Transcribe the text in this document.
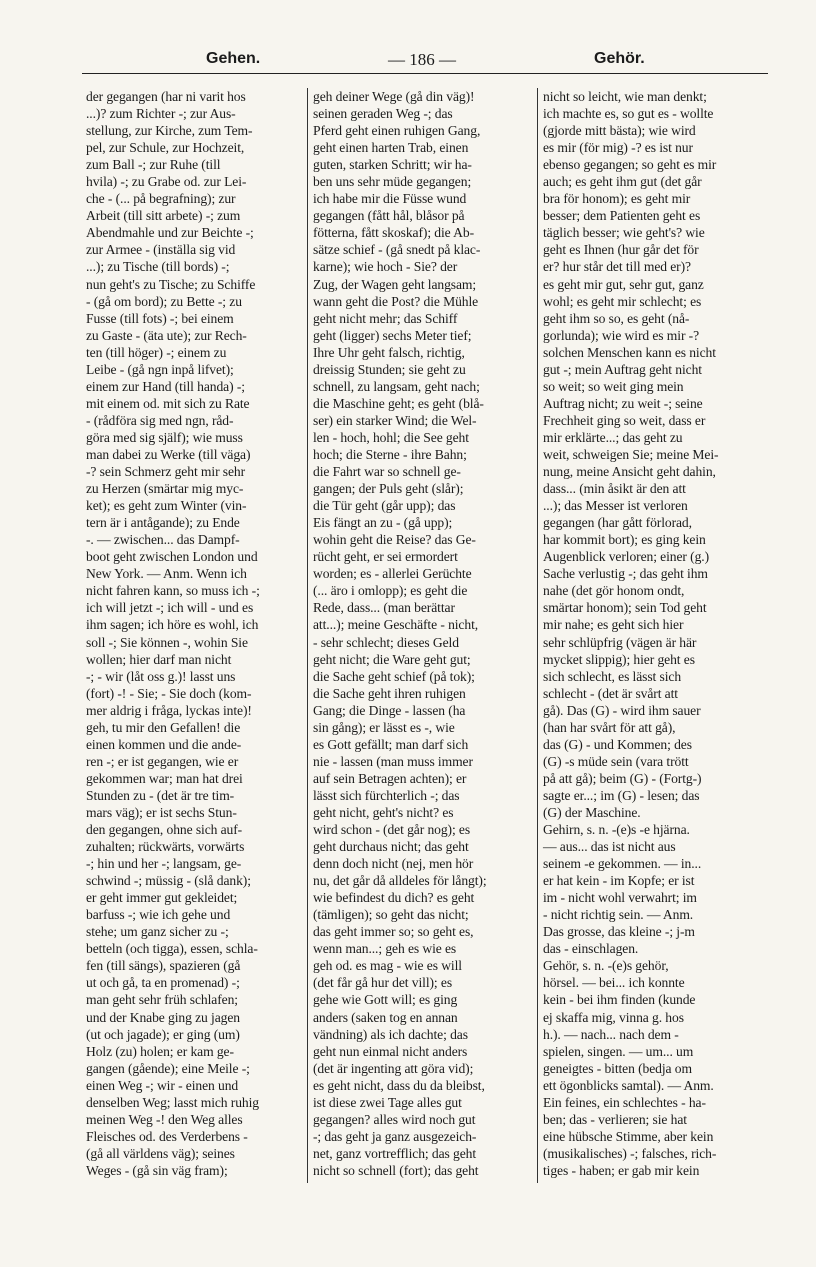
Gehen.	— 186 —	Gehör.
der gegangen (har ni varit hos
...)? zum Richter -; zur Aus-
stellung, zur Kirche, zum Tem-
pel, zur Schule, zur Hochzeit,
zum Ball -; zur Ruhe (till
hvila) -; zu Grabe od. zur Lei-
che - (... på begrafning); zur
Arbeit (till sitt arbete) -; zum
Abendmahle und zur Beichte -;
zur Armee - (inställa sig vid
...); zu Tische (till bords) -;
nun geht's zu Tische; zu Schiffe
- (gå om bord); zu Bette -; zu
Fusse (till fots) -; bei einem
zu Gaste - (äta ute); zur Rech-
ten (till höger) -; einem zu
Leibe - (gå ngn inpå lifvet);
einem zur Hand (till handa) -;
mit einem od. mit sich zu Rate
- (rådföra sig med ngn, råd-
göra med sig själf); wie muss
man dabei zu Werke (till väga)
-? sein Schmerz geht mir sehr
zu Herzen (smärtar mig myc-
ket); es geht zum Winter (vin-
tern är i antågande); zu Ende
-. — zwischen... das Dampf-
boot geht zwischen London und
New York. — Anm. Wenn ich
nicht fahren kann, so muss ich -;
ich will jetzt -; ich will - und es
ihm sagen; ich höre es wohl, ich
soll -; Sie können -, wohin Sie
wollen; hier darf man nicht
-; - wir (låt oss g.)! lasst uns
(fort) -! - Sie; - Sie doch (kom-
mer aldrig i fråga, lyckas inte)!
geh, tu mir den Gefallen! die
einen kommen und die ande-
ren -; er ist gegangen, wie er
gekommen war; man hat drei
Stunden zu - (det är tre tim-
mars väg); er ist sechs Stun-
den gegangen, ohne sich auf-
zuhalten; rückwärts, vorwärts
-; hin und her -; langsam, ge-
schwind -; müssig - (slå dank);
er geht immer gut gekleidet;
barfuss -; wie ich gehe und
stehe; um ganz sicher zu -;
betteln (och tigga), essen, schla-
fen (till sängs), spazieren (gå
ut och gå, ta en promenad) -;
man geht sehr früh schlafen;
und der Knabe ging zu jagen
(ut och jagade); er ging (um)
Holz (zu) holen; er kam ge-
gangen (gående); eine Meile -;
einen Weg -; wir - einen und
denselben Weg; lasst mich ruhig
meinen Weg -! den Weg alles
Fleisches od. des Verderbens -
(gå all världens väg); seines
Weges - (gå sin väg fram);
geh deiner Wege (gå din väg)!
seinen geraden Weg -; das
Pferd geht einen ruhigen Gang,
geht einen harten Trab, einen
guten, starken Schritt; wir ha-
ben uns sehr müde gegangen;
ich habe mir die Füsse wund
gegangen (fått hål, blåsor på
fötterna, fått skoskaf); die Ab-
sätze schief - (gå snedt på klac-
karne); wie hoch - Sie? der
Zug, der Wagen geht langsam;
wann geht die Post? die Mühle
geht nicht mehr; das Schiff
geht (ligger) sechs Meter tief;
Ihre Uhr geht falsch, richtig,
dreissig Stunden; sie geht zu
schnell, zu langsam, geht nach;
die Maschine geht; es geht (blå-
ser) ein starker Wind; die Wel-
len - hoch, hohl; die See geht
hoch; die Sterne - ihre Bahn;
die Fahrt war so schnell ge-
gangen; der Puls geht (slår);
die Tür geht (går upp); das
Eis fängt an zu - (gå upp);
wohin geht die Reise? das Ge-
rücht geht, er sei ermordert
worden; es - allerlei Gerüchte
(... äro i omlopp); es geht die
Rede, dass... (man berättar
att...); meine Geschäfte - nicht,
- sehr schlecht; dieses Geld
geht nicht; die Ware geht gut;
die Sache geht schief (på tok);
die Sache geht ihren ruhigen
Gang; die Dinge - lassen (ha
sin gång); er lässt es -, wie
es Gott gefällt; man darf sich
nie - lassen (man muss immer
auf sein Betragen achten); er
lässt sich fürchterlich -; das
geht nicht, geht's nicht? es
wird schon - (det går nog); es
geht durchaus nicht; das geht
denn doch nicht (nej, men hör
nu, det går då alldeles för långt);
wie befindest du dich? es geht
(tämligen); so geht das nicht;
das geht immer so; so geht es,
wenn man...; geh es wie es
geh od. es mag - wie es will
(det får gå hur det vill); es
gehe wie Gott will; es ging
anders (saken tog en annan
vändning) als ich dachte; das
geht nun einmal nicht anders
(det är ingenting att göra vid);
es geht nicht, dass du da bleibst,
ist diese zwei Tage alles gut
gegangen? alles wird noch gut
-; das geht ja ganz ausgezeich-
net, ganz vortrefflich; das geht
nicht so schnell (fort); das geht
nicht so leicht, wie man denkt;
ich machte es, so gut es - wollte
(gjorde mitt bästa); wie wird
es mir (för mig) -? es ist nur
ebenso gegangen; so geht es mir
auch; es geht ihm gut (det går
bra för honom); es geht mir
besser; dem Patienten geht es
täglich besser; wie geht's? wie
geht es Ihnen (hur går det för
er? hur står det till med er)?
es geht mir gut, sehr gut, ganz
wohl; es geht mir schlecht; es
geht ihm so so, es geht (nå-
gorlunda); wie wird es mir -?
solchen Menschen kann es nicht
gut -; mein Auftrag geht nicht
so weit; so weit ging mein
Auftrag nicht; zu weit -; seine
Frechheit ging so weit, dass er
mir erklärte...; das geht zu
weit, schweigen Sie; meine Mei-
nung, meine Ansicht geht dahin,
dass... (min åsikt är den att
...); das Messer ist verloren
gegangen (har gått förlorad,
har kommit bort); es ging kein
Augenblick verloren; einer (g.)
Sache verlustig -; das geht ihm
nahe (det gör honom ondt,
smärtar honom); sein Tod geht
mir nahe; es geht sich hier
sehr schlüpfrig (vägen är här
mycket slippig); hier geht es
sich schlecht, es lässt sich
schlecht - (det är svårt att
gå). Das (G) - wird ihm sauer
(han har svårt för att gå),
das (G) - und Kommen; des
(G) -s müde sein (vara trött
på att gå); beim (G) - (Fortg-)
sagte er...; im (G) - lesen; das
(G) der Maschine.
Gehirn, s. n. -(e)s -e hjärna.
— aus... das ist nicht aus
seinem -e gekommen. — in...
er hat kein - im Kopfe; er ist
im - nicht wohl verwahrt; im
- nicht richtig sein. — Anm.
Das grosse, das kleine -; j-m
das - einschlagen.
Gehör, s. n. -(e)s gehör,
hörsel. — bei... ich konnte
kein - bei ihm finden (kunde
ej skaffa mig, vinna g. hos
h.). — nach... nach dem -
spielen, singen. — um... um
geneigtes - bitten (bedja om
ett ögonblicks samtal). — Anm.
Ein feines, ein schlechtes - ha-
ben; das - verlieren; sie hat
eine hübsche Stimme, aber kein
(musikalisches) -; falsches, rich-
tiges - haben; er gab mir kein
